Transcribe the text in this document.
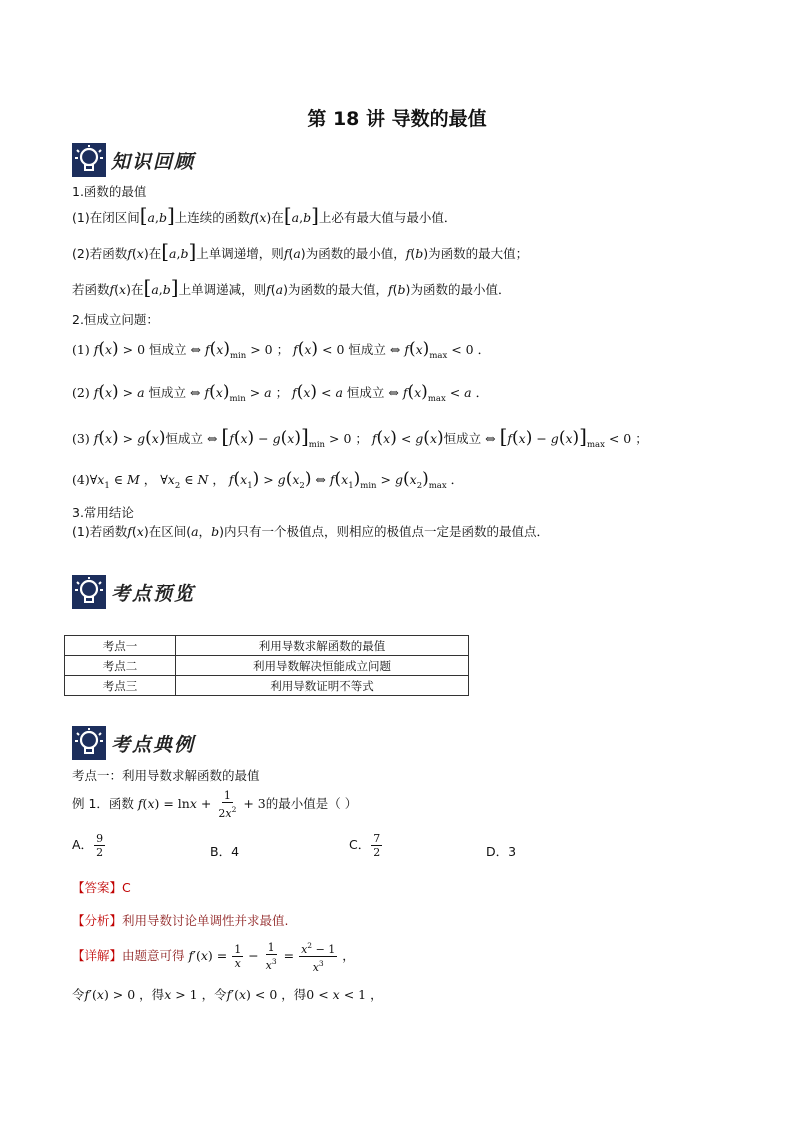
第 18 讲 导数的最值
知识回顾
1.函数的最值
(1)在闭区间[a,b]上连续的函数f(x)在[a,b]上必有最大值与最小值．
(2)若函数f(x)在[a,b]上单调递增，则f(a)为函数的最小值，f(b)为函数的最大值；
若函数f(x)在[a,b]上单调递减，则f(a)为函数的最大值，f(b)为函数的最小值．
2.恒成立问题：
(1) f(x) > 0 恒成立 ⇔ $f(x)_{min} > 0$ ； f(x) < 0 恒成立 ⇔ $f(x)_{max} < 0$ ．
(2) f(x) > a 恒成立 ⇔ $f(x)_{min} > a$ ； f(x) < a 恒成立 ⇔ $f(x)_{max} < a$ ．
(3) f(x) > g(x)恒成立 ⇔ $[f(x) - g(x)]_{min} > 0$ ； f(x) < g(x)恒成立 ⇔ $[f(x) - g(x)]_{max} < 0$ ；
$(4)\forall x_1$ ∈ M ， $\forall x_2$ ∈ N ， $f(x_1) > g(x_2)$ ⇔ $f(x_1)_{min} > g(x_2)_{max}$ ．
3.常用结论
(1)若函数f(x)在区间(a，b)内只有一个极值点，则相应的极值点一定是函数的最值点．
考点预览
考点一	利用导数求解函数的最值
考点二	利用导数解决恒能成立问题
考点三	利用导数证明不等式
考点典例
考点一：利用导数求解函数的最值
例 1．函数 $f(x) = \ln x + \frac{1}{2x^2} + 3$的最小值是（ ）
A． $\frac{9}{2}$	B．4	C． $\frac{7}{2}$	D．3
【答案】C
【分析】利用导数讨论单调性并求最值.
【详解】由题意可得 $f'(x) = \frac{1}{x} - \frac{1}{x^3} = \frac{x^2 - 1}{x^3}$ ，
令f′(x) > 0 ，得x > 1 ，令f′(x) < 0 ，得0 < x < 1 ，
